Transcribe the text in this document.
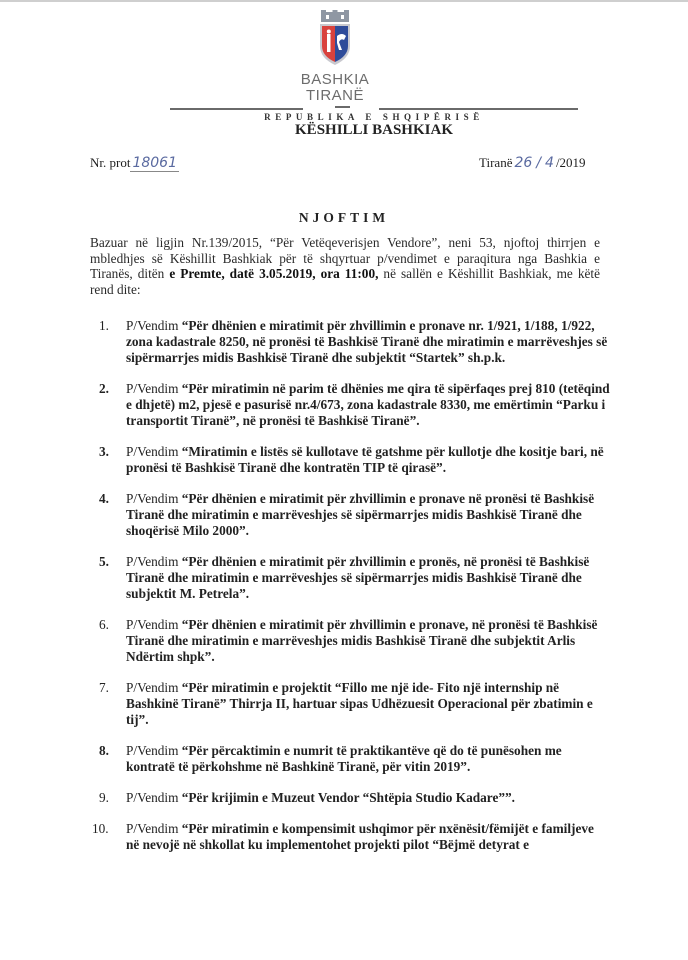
BASHKIA
TIRANË
REPUBLIKA E SHQIPËRISË
KËSHILLI BASHKIAK
Nr. prot 18061	Tiranë 26 / 4 /2019
NJOFTIM
Bazuar në ligjin Nr.139/2015, “Për Vetëqeverisjen Vendore”, neni 53, njoftoj thirrjen e mbledhjes së Këshillit Bashkiak për të shqyrtuar p/vendimet e paraqitura nga Bashkia e Tiranës, ditën e Premte, datë 3.05.2019, ora 11:00, në sallën e Këshillit Bashkiak, me këtë rend dite:
1. P/Vendim “Për dhënien e miratimit për zhvillimin e pronave nr. 1/921, 1/188, 1/922, zona kadastrale 8250, në pronësi të Bashkisë Tiranë dhe miratimin e marrëveshjes së sipërmarrjes midis Bashkisë Tiranë dhe subjektit “Startek” sh.p.k.
2. P/Vendim “Për miratimin në parim të dhënies me qira të sipërfaqes prej 810 (tetëqind e dhjetë) m2, pjesë e pasurisë nr.4/673, zona kadastrale 8330, me emërtimin “Parku i transportit Tiranë”, në pronësi të Bashkisë Tiranë”.
3. P/Vendim “Miratimin e listës së kullotave të gatshme për kullotje dhe kositje bari, në pronësi të Bashkisë Tiranë dhe kontratën TIP të qirasë”.
4. P/Vendim “Për dhënien e miratimit për zhvillimin e pronave në pronësi të Bashkisë Tiranë dhe miratimin e marrëveshjes së sipërmarrjes midis Bashkisë Tiranë dhe shoqërisë Milo 2000”.
5. P/Vendim “Për dhënien e miratimit për zhvillimin e pronës, në pronësi të Bashkisë Tiranë dhe miratimin e marrëveshjes së sipërmarrjes midis Bashkisë Tiranë dhe subjektit M. Petrela”.
6. P/Vendim “Për dhënien e miratimit për zhvillimin e pronave, në pronësi të Bashkisë Tiranë dhe miratimin e marrëveshjes midis Bashkisë Tiranë dhe subjektit Arlis Ndërtim shpk”.
7. P/Vendim “Për miratimin e projektit “Fillo me një ide- Fito një internship në Bashkinë Tiranë” Thirrja II, hartuar sipas Udhëzuesit Operacional për zbatimin e tij”.
8. P/Vendim “Për përcaktimin e numrit të praktikantëve që do të punësohen me kontratë të përkohshme në Bashkinë Tiranë, për vitin 2019”.
9. P/Vendim “Për krijimin e Muzeut Vendor “Shtëpia Studio Kadare””.
10. P/Vendim “Për miratimin e kompensimit ushqimor për nxënësit/fëmijët e familjeve në nevojë në shkollat ku implementohet projekti pilot “Bëjmë detyrat e
